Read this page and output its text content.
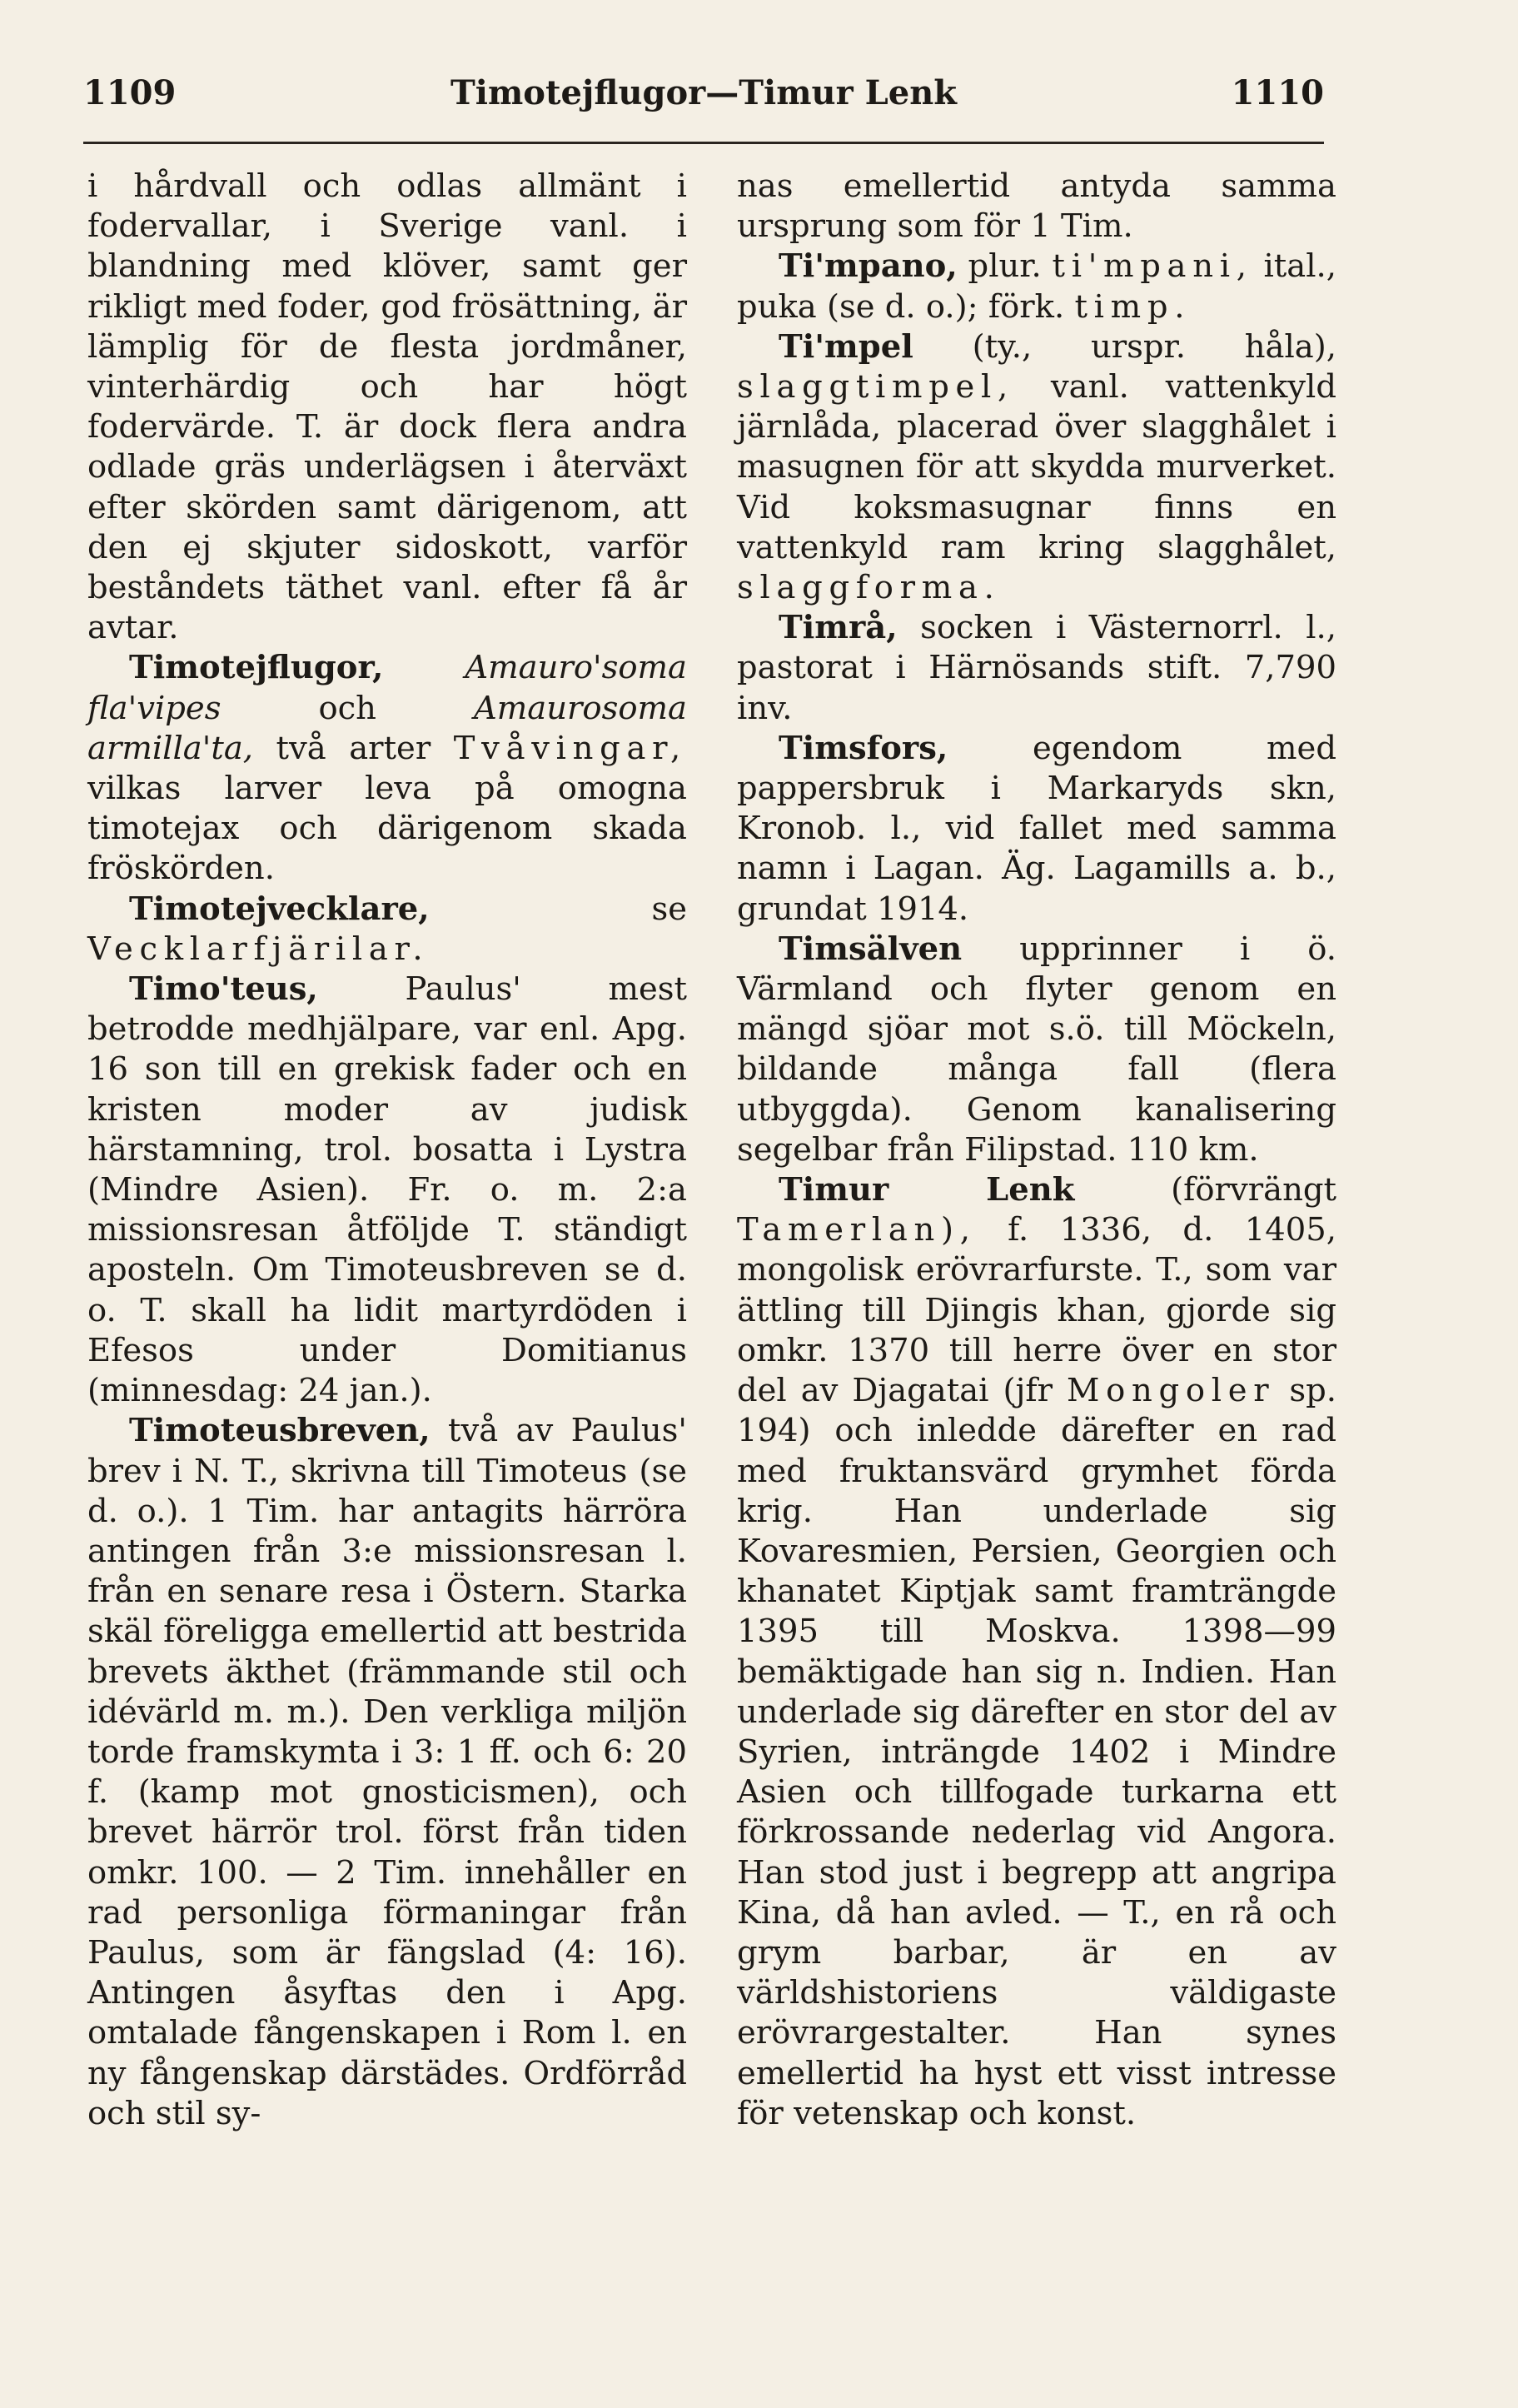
1109	Timotejflugor—Timur Lenk	1110

i hårdvall och odlas allmänt i fodervallar, i Sverige vanl. i blandning med klöver, samt ger rikligt med foder, god frösättning, är lämplig för de flesta jordmåner, vinterhärdig och har högt fodervärde. T. är dock flera andra odlade gräs underlägsen i återväxt efter skörden samt därigenom, att den ej skjuter sidoskott, varför beståndets täthet vanl. efter få år avtar.

Timotejflugor,	Amauro'soma fla'vipes och Amaurosoma armilla'ta, två arter Tvåvingar, vilkas larver leva på omogna timotejax och därigenom skada fröskörden.

Timotejvecklare, se Vecklarfjärilar.

Timo'teus, Paulus' mest betrodde medhjälpare, var enl. Apg. 16 son till en grekisk fader och en kristen moder av judisk härstamning, trol. bosatta i Lystra (Mindre Asien). Fr. o. m. 2:a missionsresan åtföljde T. ständigt aposteln. Om Timoteusbreven se d. o. T. skall ha lidit martyrdöden i Efesos under Domitianus (minnesdag: 24 jan.).

Timoteusbreven, två av Paulus' brev i N. T., skrivna till Timoteus (se d. o.). 1 Tim. har antagits härröra antingen från 3:e missionsresan l. från en senare resa i Östern. Starka skäl föreligga emellertid att bestrida brevets äkthet (främmande stil och idévärld m. m.). Den verkliga miljön torde framskymta i 3: 1 ff. och 6: 20 f. (kamp mot gnosticismen), och brevet härrör trol. först från tiden omkr. 100. — 2 Tim. innehåller en rad personliga förmaningar från Paulus, som är fängslad (4: 16). Antingen åsyftas den i Apg. omtalade fångenskapen i Rom l. en ny fångenskap därstädes. Ordförråd och stil sy-

nas emellertid antyda samma ursprung som för 1 Tim.

Ti'mpano, plur. ti'mpani, ital., puka (se d. o.); förk. timp.

Ti'mpel (ty., urspr. håla), slaggtimpel, vanl. vattenkyld järnlåda, placerad över slagghålet i masugnen för att skydda murverket. Vid koksmasugnar finns en vattenkyld ram kring slagghålet, slaggforma.

Timrå, socken i Västernorrl. l., pastorat i Härnösands stift. 7,790 inv.

Timsfors, egendom med pappersbruk i Markaryds skn, Kronob. l., vid fallet med samma namn i Lagan. Äg. Lagamills a. b., grundat 1914.

Timsälven upprinner i ö. Värmland och flyter genom en mängd sjöar mot s.ö. till Möckeln, bildande många fall (flera utbyggda). Genom kanalisering segelbar från Filipstad. 110 km.

Timur Lenk (förvrängt Tamerlan), f. 1336, d. 1405, mongolisk erövrarfurste. T., som var ättling till Djingis khan, gjorde sig omkr. 1370 till herre över en stor del av Djagatai (jfr Mongoler sp. 194) och inledde därefter en rad med fruktansvärd grymhet förda krig. Han underlade sig Kovaresmien, Persien, Georgien och khanatet Kiptjak samt framträngde 1395 till Moskva. 1398—99 bemäktigade han sig n. Indien. Han underlade sig därefter en stor del av Syrien, inträngde 1402 i Mindre Asien och tillfogade turkarna ett förkrossande nederlag vid Angora. Han stod just i begrepp att angripa Kina, då han avled. — T., en rå och grym barbar, är en av världshistoriens väldigaste erövrargestalter. Han synes emellertid ha hyst ett visst intresse för vetenskap och konst.
